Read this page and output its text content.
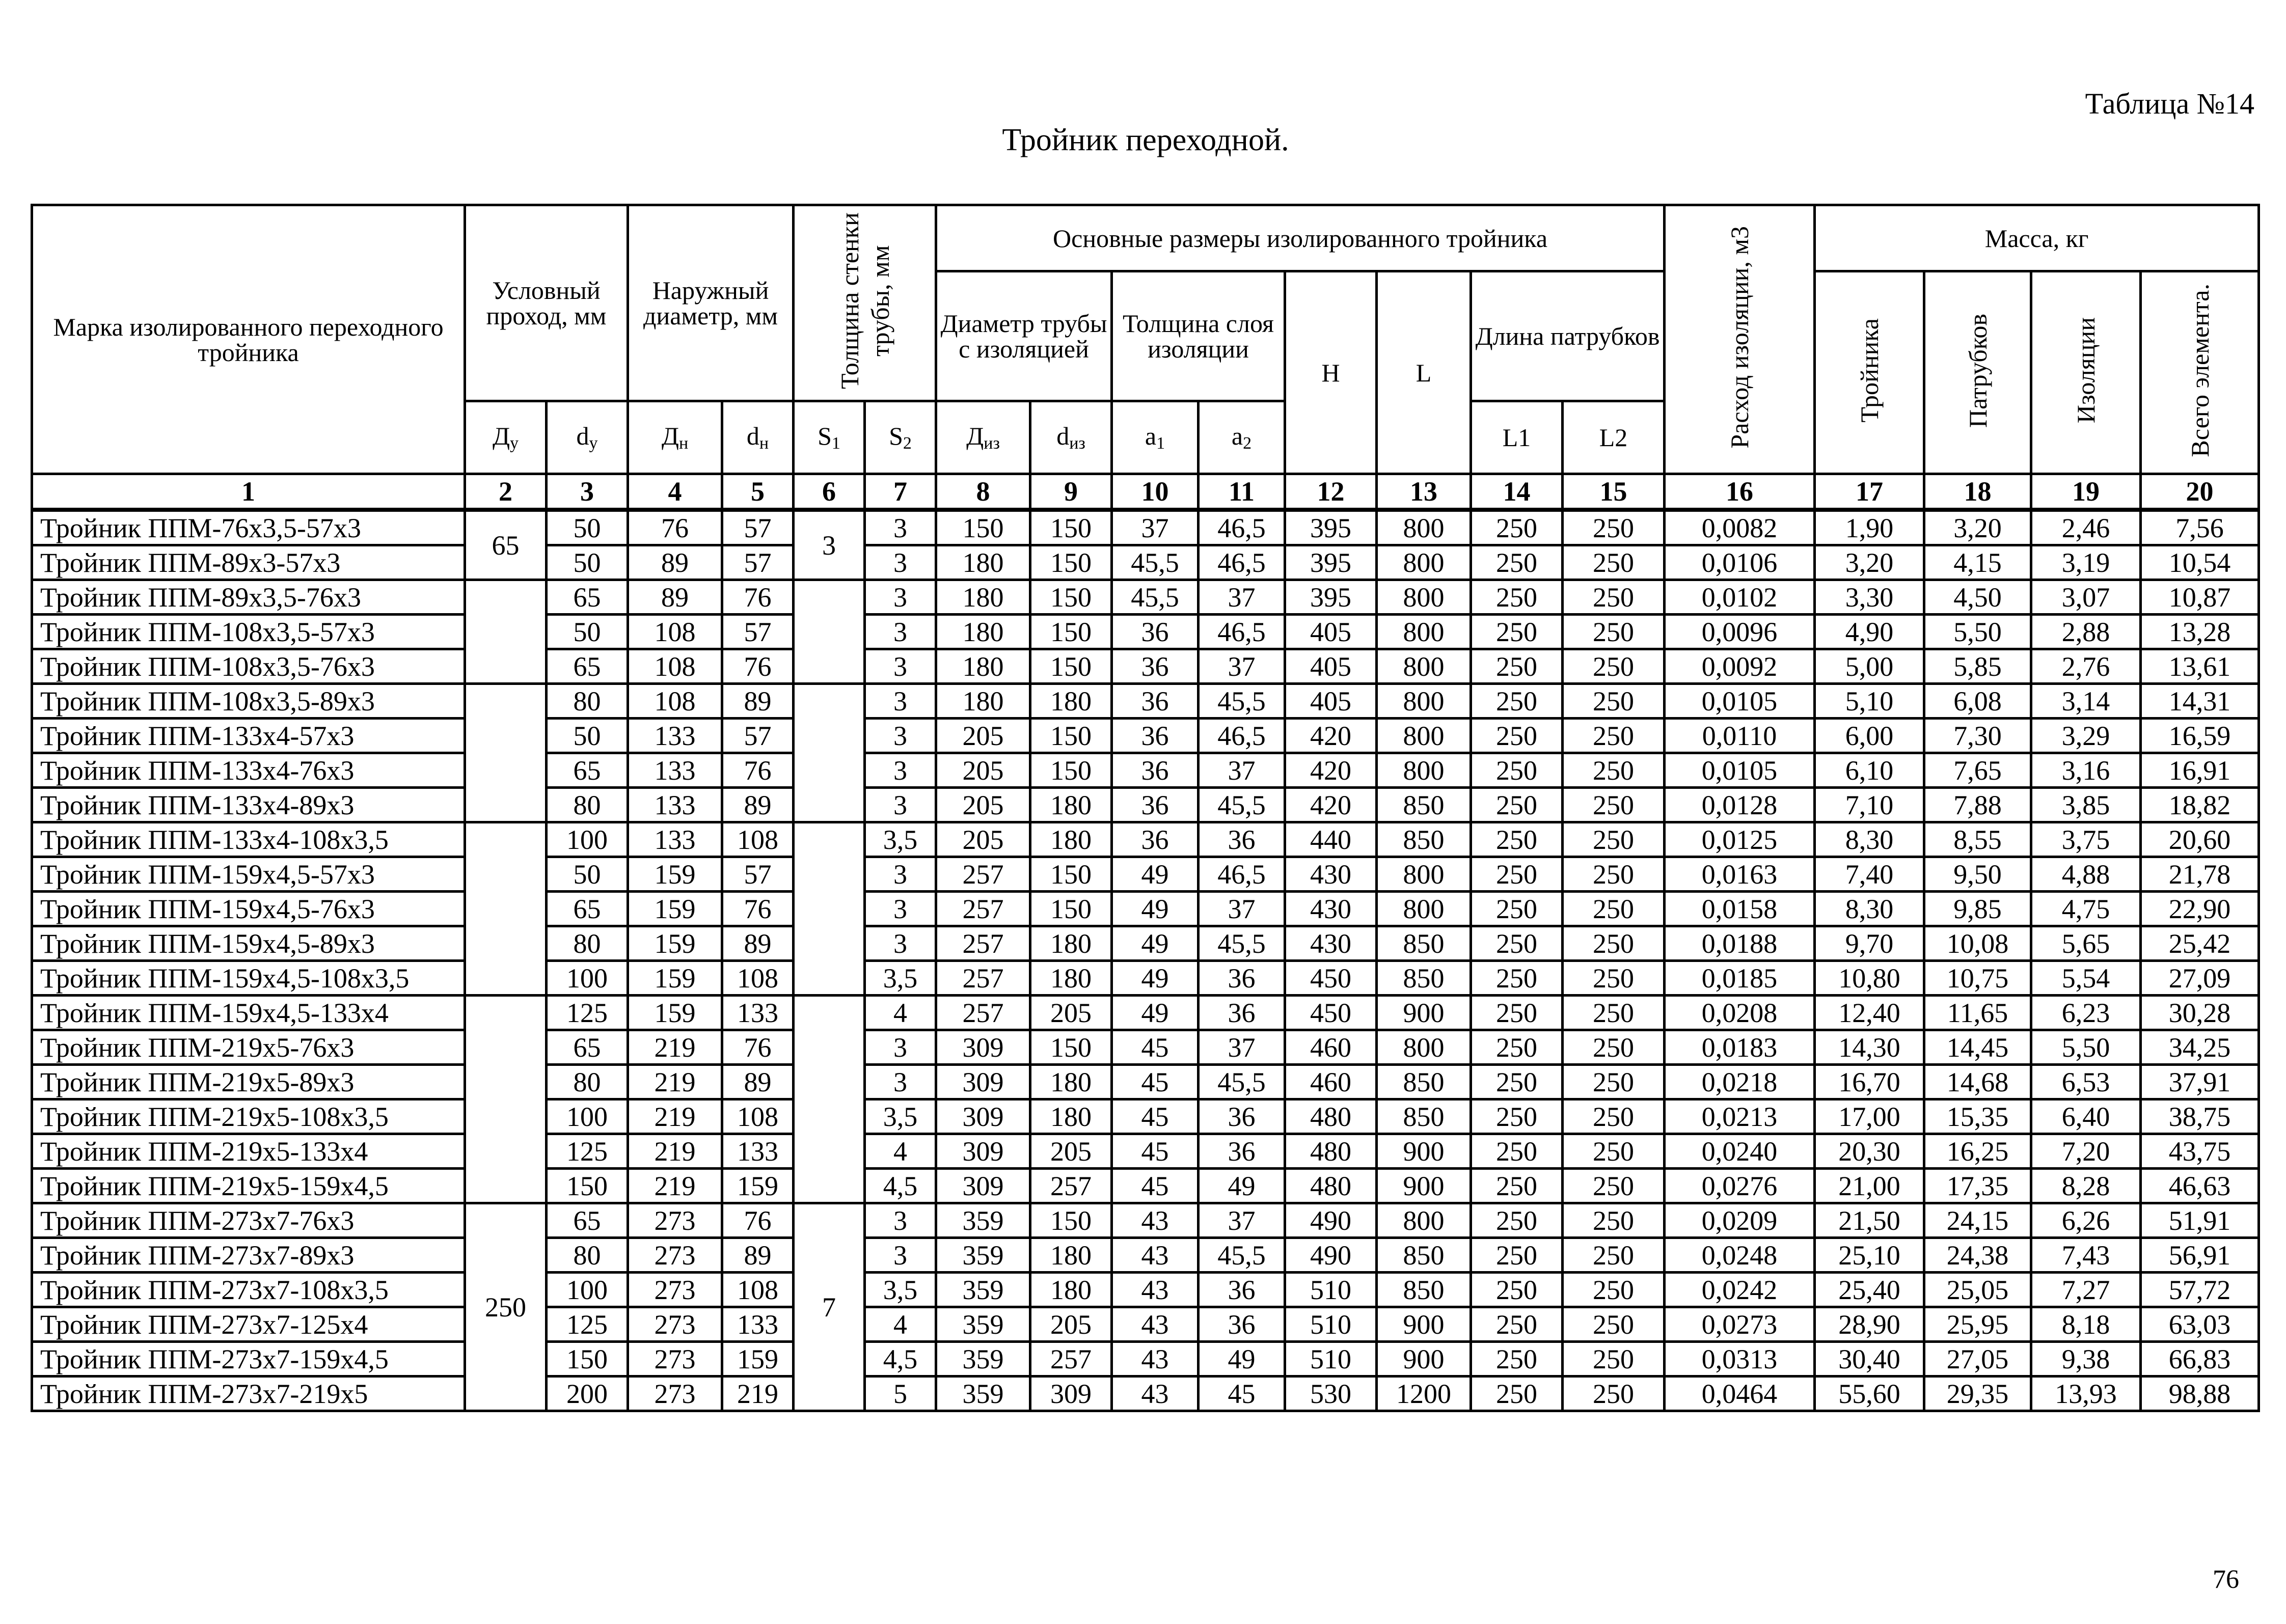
Таблица №14
Тройник переходной.
Марка изолированного переходного тройника	Условный проход, мм		Наружный диаметр, мм		Толщина стенки трубы, мм		Основные размеры изолированного тройника								Расход изоляции, м3	Масса, кг			
							Диаметр трубы с изоляцией		Толщина слоя изоляции		H	L	Длина патрубков			Тройника	Патрубков	Изоляции	Всего элемента.
	$Д_у$	$d_у$	$Д_н$	$d_н$	$S_1$	$S_2$	$Д_{из}$	$d_{из}$	$a_1$	$a_2$			L1	L2					
1	2	3	4	5	6	7	8	9	10	11	12	13	14	15	16	17	18	19	20
Тройник ППМ-76х3,5-57х3	65	50	76	57	3	3	150	150	37	46,5	395	800	250	250	0,0082	1,90	3,20	2,46	7,56
Тройник ППМ-89х3-57х3		50	89	57		3	180	150	45,5	46,5	395	800	250	250	0,0106	3,20	4,15	3,19	10,54
Тройник ППМ-89х3,5-76х3		65	89	76		3	180	150	45,5	37	395	800	250	250	0,0102	3,30	4,50	3,07	10,87
Тройник ППМ-108х3,5-57х3		50	108	57		3	180	150	36	46,5	405	800	250	250	0,0096	4,90	5,50	2,88	13,28
Тройник ППМ-108х3,5-76х3		65	108	76		3	180	150	36	37	405	800	250	250	0,0092	5,00	5,85	2,76	13,61
Тройник ППМ-108х3,5-89х3		80	108	89		3	180	180	36	45,5	405	800	250	250	0,0105	5,10	6,08	3,14	14,31
Тройник ППМ-133х4-57х3		50	133	57		3	205	150	36	46,5	420	800	250	250	0,0110	6,00	7,30	3,29	16,59
Тройник ППМ-133х4-76х3		65	133	76		3	205	150	36	37	420	800	250	250	0,0105	6,10	7,65	3,16	16,91
Тройник ППМ-133х4-89х3		80	133	89		3	205	180	36	45,5	420	850	250	250	0,0128	7,10	7,88	3,85	18,82
Тройник ППМ-133х4-108х3,5		100	133	108		3,5	205	180	36	36	440	850	250	250	0,0125	8,30	8,55	3,75	20,60
Тройник ППМ-159х4,5-57х3		50	159	57		3	257	150	49	46,5	430	800	250	250	0,0163	7,40	9,50	4,88	21,78
Тройник ППМ-159х4,5-76х3		65	159	76		3	257	150	49	37	430	800	250	250	0,0158	8,30	9,85	4,75	22,90
Тройник ППМ-159х4,5-89х3		80	159	89		3	257	180	49	45,5	430	850	250	250	0,0188	9,70	10,08	5,65	25,42
Тройник ППМ-159х4,5-108х3,5		100	159	108		3,5	257	180	49	36	450	850	250	250	0,0185	10,80	10,75	5,54	27,09
Тройник ППМ-159х4,5-133х4		125	159	133		4	257	205	49	36	450	900	250	250	0,0208	12,40	11,65	6,23	30,28
Тройник ППМ-219х5-76х3		65	219	76		3	309	150	45	37	460	800	250	250	0,0183	14,30	14,45	5,50	34,25
Тройник ППМ-219х5-89х3		80	219	89		3	309	180	45	45,5	460	850	250	250	0,0218	16,70	14,68	6,53	37,91
Тройник ППМ-219х5-108х3,5		100	219	108		3,5	309	180	45	36	480	850	250	250	0,0213	17,00	15,35	6,40	38,75
Тройник ППМ-219х5-133х4		125	219	133		4	309	205	45	36	480	900	250	250	0,0240	20,30	16,25	7,20	43,75
Тройник ППМ-219х5-159х4,5		150	219	159		4,5	309	257	45	49	480	900	250	250	0,0276	21,00	17,35	8,28	46,63
Тройник ППМ-273х7-76х3	250	65	273	76	7	3	359	150	43	37	490	800	250	250	0,0209	21,50	24,15	6,26	51,91
Тройник ППМ-273х7-89х3		80	273	89		3	359	180	43	45,5	490	850	250	250	0,0248	25,10	24,38	7,43	56,91
Тройник ППМ-273х7-108х3,5		100	273	108		3,5	359	180	43	36	510	850	250	250	0,0242	25,40	25,05	7,27	57,72
Тройник ППМ-273х7-125х4		125	273	133		4	359	205	43	36	510	900	250	250	0,0273	28,90	25,95	8,18	63,03
Тройник ППМ-273х7-159х4,5		150	273	159		4,5	359	257	43	49	510	900	250	250	0,0313	30,40	27,05	9,38	66,83
Тройник ППМ-273х7-219х5		200	273	219		5	359	309	43	45	530	1200	250	250	0,0464	55,60	29,35	13,93	98,88
76
